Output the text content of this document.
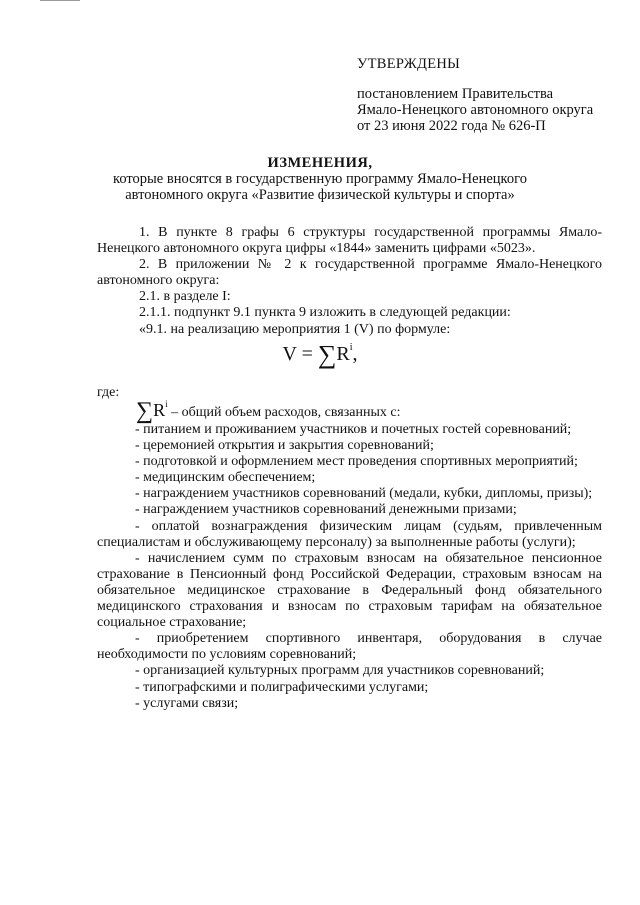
УТВЕРЖДЕНЫ
постановлением Правительства
Ямало-Ненецкого автономного округа
от 23 июня 2022 года № 626-П
ИЗМЕНЕНИЯ,
которые вносятся в государственную программу Ямало-Ненецкого
автономного округа «Развитие физической культуры и спорта»

1. В пункте 8 графы 6 структуры государственной программы Ямало-Ненецкого автономного округа цифры «1844» заменить цифрами «5023».

2. В приложении № 2 к государственной программе Ямало-Ненецкого автономного округа:

2.1. в разделе I:

2.1.1. подпункт 9.1 пункта 9 изложить в следующей редакции:

«9.1. на реализацию мероприятия 1 (V) по формуле:

$V = \sum R^i$,
где:
$\sum R^i$ – общий объем расходов, связанных с:

- питанием и проживанием участников и почетных гостей соревнований;

- церемонией открытия и закрытия соревнований;

- подготовкой и оформлением мест проведения спортивных мероприятий;

- медицинским обеспечением;

- награждением участников соревнований (медали, кубки, дипломы, призы);

- награждением участников соревнований денежными призами;

- оплатой вознаграждения физическим лицам (судьям, привлеченным специалистам и обслуживающему персоналу) за выполненные работы (услуги);

- начислением сумм по страховым взносам на обязательное пенсионное страхование в Пенсионный фонд Российской Федерации, страховым взносам на обязательное медицинское страхование в Федеральный фонд обязательного медицинского страхования и взносам по страховым тарифам на обязательное социальное страхование;

- приобретением спортивного инвентаря, оборудования в случае необходимости по условиям соревнований;

- организацией культурных программ для участников соревнований;

- типографскими и полиграфическими услугами;

- услугами связи;
